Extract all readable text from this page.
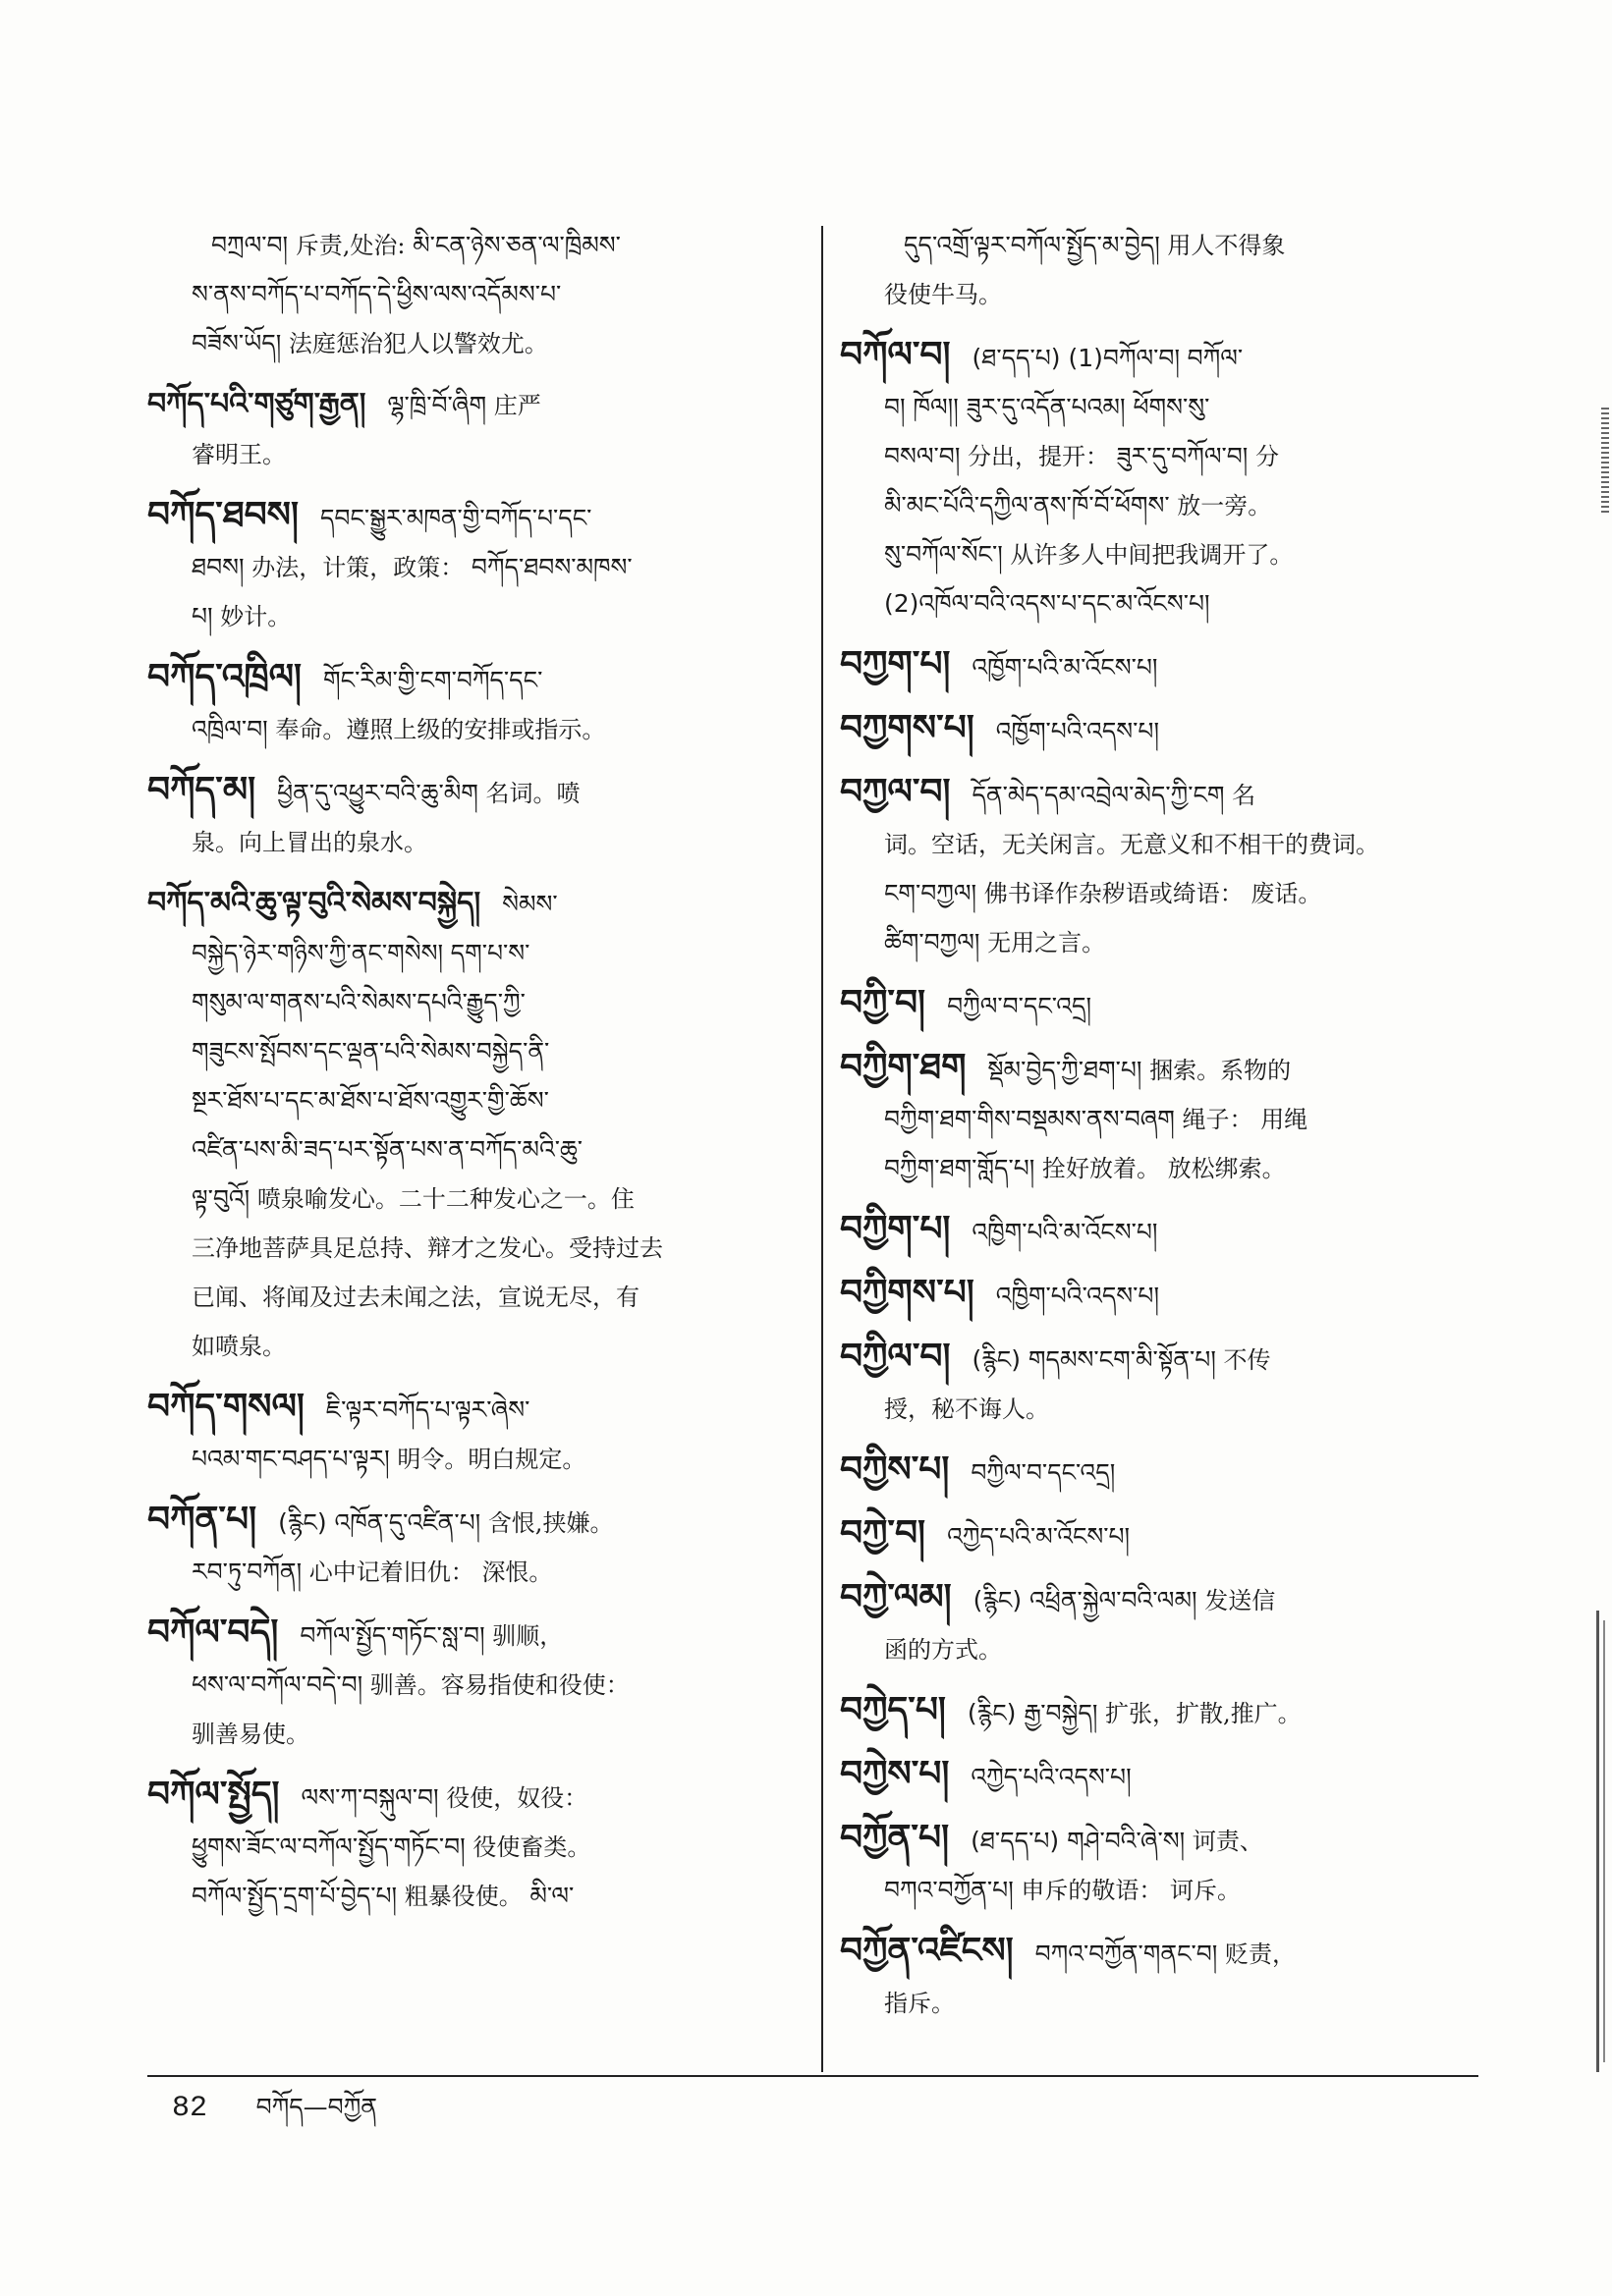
བཀྲལ་བ། 斥责,处治: མི་ངན་ཉེས་ཅན་ལ་ཁྲིམས་
ས་ནས་བཀོད་པ་བཀོད་དེ་ཕྱིས་ལས་འདོམས་པ་
བཟོས་ཡོད། 法庭惩治犯人以警效尤。
བཀོད་པའི་གཙུག་རྒྱན། ལྷ་ཁྲི་བོ་ཞིག 庄严
睿明王。
བཀོད་ཐབས། དབང་སྒྱུར་མཁན་གྱི་བཀོད་པ་དང་
ཐབས། 办法，计策，政策： བཀོད་ཐབས་མཁས་
པ། 妙计。
བཀོད་འཁྲིལ། གོང་རིམ་གྱི་ངག་བཀོད་དང་
འཁྲིལ་བ། 奉命。遵照上级的安排或指示。
བཀོད་མ། ཕྱིན་དུ་འཕྱུར་བའི་ཆུ་མིག 名词。喷
泉。向上冒出的泉水。
བཀོད་མའི་ཆུ་ལྟ་བུའི་སེམས་བསྐྱེད། སེམས་
བསྐྱེད་ཉེར་གཉིས་ཀྱི་ནང་གསེས། དག་པ་ས་
གསུམ་ལ་གནས་པའི་སེམས་དཔའི་རྒྱུད་ཀྱི་
གཟུངས་སྤོབས་དང་ལྡན་པའི་སེམས་བསྐྱེད་ནི་
སྔར་ཐོས་པ་དང་མ་ཐོས་པ་ཐོས་འགྱུར་གྱི་ཆོས་
འཛིན་པས་མི་ཟད་པར་སྟོན་པས་ན་བཀོད་མའི་ཆུ་
ལྟ་བུའོ། 喷泉喻发心。二十二种发心之一。住
三净地菩萨具足总持、辩才之发心。受持过去
已闻、将闻及过去未闻之法，宣说无尽，有
如喷泉。
བཀོད་གསལ། ཇི་ལྟར་བཀོད་པ་ལྟར་ཞེས་
པའམ་གང་བཤད་པ་ལྟར། 明令。明白规定。
བཀོན་པ། (རྙིང) འཁོན་དུ་འཛིན་པ། 含恨,挟嫌。
རབ་ཏུ་བཀོན། 心中记着旧仇： 深恨。
བཀོལ་བདེ། བཀོལ་སྤྱོད་གཏོང་སླ་བ། 驯顺，
ཕས་ལ་བཀོལ་བདེ་བ། 驯善。容易指使和役使：
驯善易使。
བཀོལ་སྤྱོད། ལས་ཀ་བསྐུལ་བ། 役使，奴役：
ཕྱུགས་ཟོང་ལ་བཀོལ་སྤྱོད་གཏོང་བ། 役使畜类。
བཀོལ་སྤྱོད་དྲག་པོ་བྱེད་པ། 粗暴役使。 མི་ལ་
དུད་འགྲོ་ལྟར་བཀོལ་སྤྱོད་མ་བྱེད། 用人不得象
役使牛马。
བཀོལ་བ། (ཐ་དད་པ) (1)བཀོལ་བ། བཀོལ་
བ། ཁོལ།། ཟུར་དུ་འདོན་པའམ། ཕོགས་སུ་
བསལ་བ། 分出，提开： ཟུར་དུ་བཀོལ་བ། 分
མི་མང་པོའི་དཀྱིལ་ནས་ཁོ་བོ་ཕོགས་ 放一旁。
སུ་བཀོལ་སོང་། 从许多人中间把我调开了。
(2)འཁོལ་བའི་འདས་པ་དང་མ་འོངས་པ།
བཀྱག་པ། འཁྱོག་པའི་མ་འོངས་པ།
བཀྱགས་པ། འཁྱོག་པའི་འདས་པ།
བཀྱལ་བ། དོན་མེད་དམ་འབྲེལ་མེད་ཀྱི་ངག 名
词。空话，无关闲言。无意义和不相干的费词。
ངག་བཀྱལ། 佛书译作杂秽语或绮语： 废话。
ཚིག་བཀྱལ། 无用之言。
བཀྱི་བ། བཀྱིལ་བ་དང་འདྲ།
བཀྱིག་ཐག སྡོམ་བྱེད་ཀྱི་ཐག་པ། 捆索。系物的
བཀྱིག་ཐག་གིས་བསྡམས་ནས་བཞག 绳子： 用绳
བཀྱིག་ཐག་གློད་པ། 拴好放着。 放松绑索。
བཀྱིག་པ། འཁྱིག་པའི་མ་འོངས་པ།
བཀྱིགས་པ། འཁྱིག་པའི་འདས་པ།
བཀྱིལ་བ། (རྙིང) གདམས་ངག་མི་སྟོན་པ། 不传
授，秘不诲人。
བཀྱིས་པ། བཀྱིལ་བ་དང་འདྲ།
བཀྱེ་བ། འཀྱེད་པའི་མ་འོངས་པ།
བཀྱེ་ལམ། (རྙིང) འཕྲིན་སྐྱེལ་བའི་ལམ། 发送信
函的方式。
བཀྱེད་པ། (རྙིང) རྒྱ་བསྐྱེད། 扩张，扩散,推广。
བཀྱེས་པ། འཀྱེད་པའི་འདས་པ།
བཀྱོན་པ། (ཐ་དད་པ) གཤེ་བའི་ཞེ་ས། 诃责、
བཀའ་བཀྱོན་པ། 申斥的敬语： 诃斥。
བཀྱོན་འཛིངས། བཀའ་བཀྱོན་གནང་བ། 贬责，
指斥。
82 བཀོད—བཀྱོན
